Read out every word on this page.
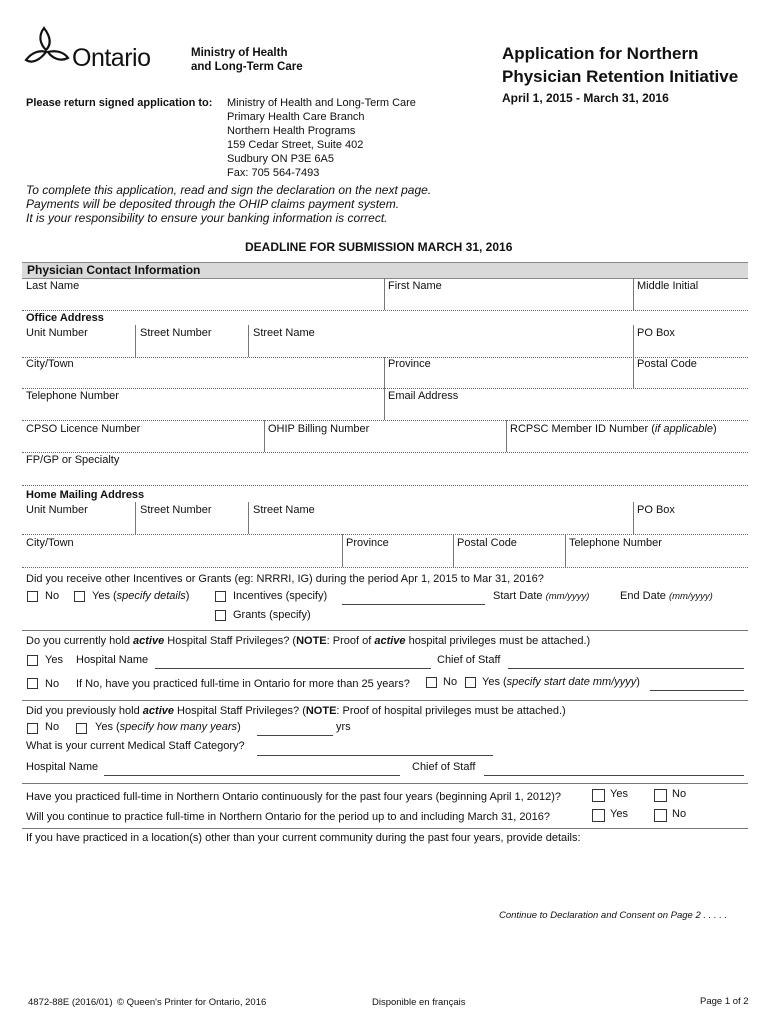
Ontario	Ministry of Health
and Long-Term Care
Application for Northern
Physician Retention Initiative
April 1, 2015 - March 31, 2016
Please return signed application to: Ministry of Health and Long-Term Care
Primary Health Care Branch
Northern Health Programs
159 Cedar Street, Suite 402
Sudbury ON P3E 6A5
Fax: 705 564-7493
To complete this application, read and sign the declaration on the next page.
Payments will be deposited through the OHIP claims payment system.
It is your responsibility to ensure your banking information is correct.
DEADLINE FOR SUBMISSION MARCH 31, 2016
Physician Contact Information
Last Name	First Name	Middle Initial
Office Address
Unit Number	Street Number	Street Name	PO Box
City/Town	Province	Postal Code
Telephone Number	Email Address
CPSO Licence Number	OHIP Billing Number	RCPSC Member ID Number (if applicable)
FP/GP or Specialty
Home Mailing Address
Unit Number	Street Number	Street Name	PO Box
City/Town	Province	Postal Code	Telephone Number
Did you receive other Incentives or Grants (eg: NRRRI, IG) during the period Apr 1, 2015 to Mar 31, 2016?
No	Yes (specify details)	Incentives (specify)	Start Date (mm/yyyy)	End Date (mm/yyyy)
Grants (specify)
Do you currently hold active Hospital Staff Privileges? (NOTE: Proof of active hospital privileges must be attached.)
Yes Hospital Name	Chief of Staff
No If No, have you practiced full-time in Ontario for more than 25 years?	No Yes (specify start date mm/yyyy)
Did you previously hold active Hospital Staff Privileges? (NOTE: Proof of hospital privileges must be attached.)
No	Yes (specify how many years)	yrs
What is your current Medical Staff Category?
Hospital Name	Chief of Staff
Have you practiced full-time in Northern Ontario continuously for the past four years (beginning April 1, 2012)?	Yes	No
Will you continue to practice full-time in Northern Ontario for the period up to and including March 31, 2016?	Yes	No
If you have practiced in a location(s) other than your current community during the past four years, provide details:
Continue to Declaration and Consent on Page 2 . . . . .
4872-88E (2016/01) © Queen's Printer for Ontario, 2016	Disponible en français	Page 1 of 2
